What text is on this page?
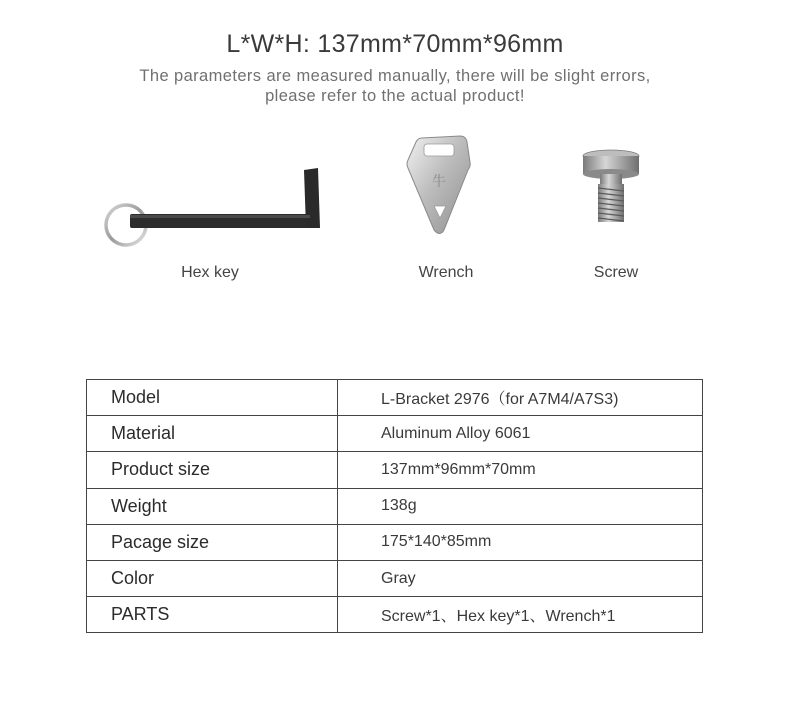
L*W*H: 137mm*70mm*96mm
The parameters are measured manually, there will be slight errors,
please refer to the actual product!
Hex key
牛
Wrench	Screw
Model	L-Bracket 2976（for A7M4/A7S3)
Material	Aluminum Alloy 6061
Product size	137mm*96mm*70mm
Weight	138g
Pacage size	175*140*85mm
Color	Gray
PARTS	Screw*1、Hex key*1、Wrench*1
